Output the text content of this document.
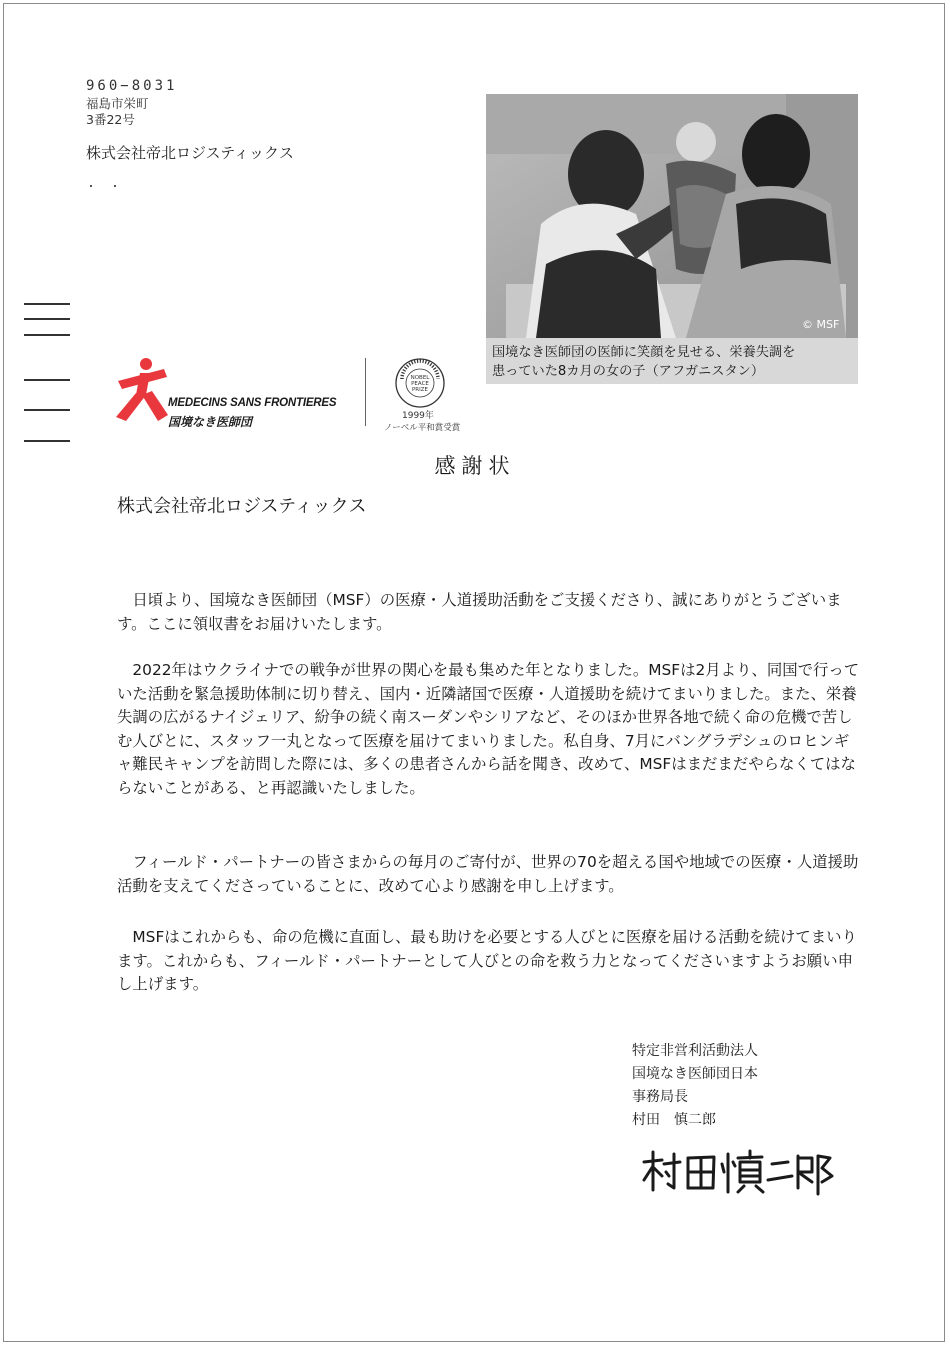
960−8031
福島市栄町
3番22号
株式会社帝北ロジスティックス
© MSF
国境なき医師団の医師に笑顔を見せる、栄養失調を
患っていた8カ月の女の子（アフガニスタン）
MEDECINS SANS FRONTIERES
国境なき医師団
NOBEL
PEACE
PRIZE
1999年
ノーベル平和賞受賞
感謝状
株式会社帝北ロジスティックス

日頃より、国境なき医師団（MSF）の医療・人道援助活動をご支援くださり、誠にありがとうございます。ここに領収書をお届けいたします。

2022年はウクライナでの戦争が世界の関心を最も集めた年となりました。MSFは2月より、同国で行っていた活動を緊急援助体制に切り替え、国内・近隣諸国で医療・人道援助を続けてまいりました。また、栄養失調の広がるナイジェリア、紛争の続く南スーダンやシリアなど、そのほか世界各地で続く命の危機で苦しむ人びとに、スタッフ一丸となって医療を届けてまいりました。私自身、7月にバングラデシュのロヒンギャ難民キャンプを訪問した際には、多くの患者さんから話を聞き、改めて、MSFはまだまだやらなくてはならないことがある、と再認識いたしました。

フィールド・パートナーの皆さまからの毎月のご寄付が、世界の70を超える国や地域での医療・人道援助活動を支えてくださっていることに、改めて心より感謝を申し上げます。

MSFはこれからも、命の危機に直面し、最も助けを必要とする人びとに医療を届ける活動を続けてまいります。これからも、フィールド・パートナーとして人びとの命を救う力となってくださいますようお願い申し上げます。

特定非営利活動法人
国境なき医師団日本
事務局長
村田　慎二郎
